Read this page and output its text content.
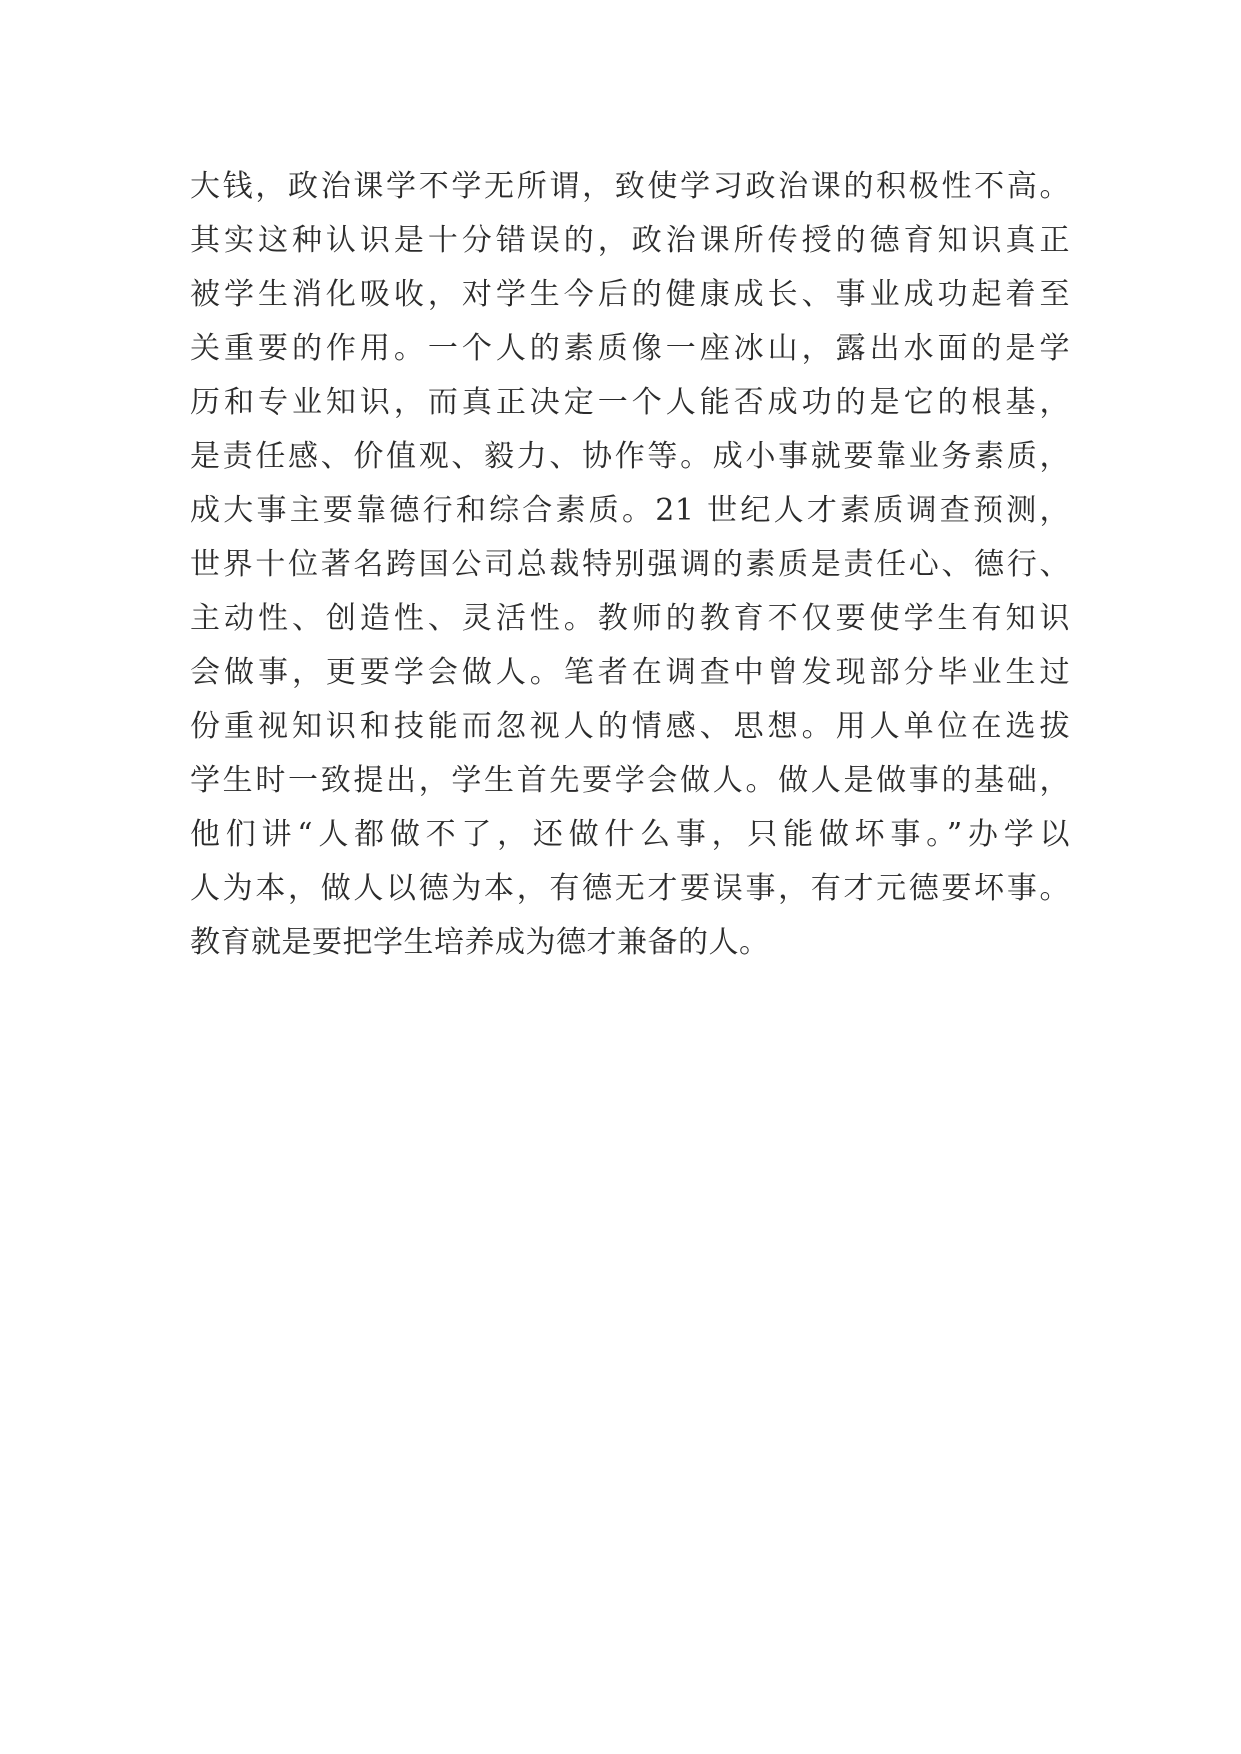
大钱，政治课学不学无所谓，致使学习政治课的积极性不高。
其实这种认识是十分错误的，政治课所传授的德育知识真正
被学生消化吸收，对学生今后的健康成长、事业成功起着至
关重要的作用。一个人的素质像一座冰山，露出水面的是学
历和专业知识，而真正决定一个人能否成功的是它的根基，
是责任感、价值观、毅力、协作等。成小事就要靠业务素质，
成大事主要靠德行和综合素质。21 世纪人才素质调查预测，
世界十位著名跨国公司总裁特别强调的素质是责任心、德行、
主动性、创造性、灵活性。教师的教育不仅要使学生有知识
会做事，更要学会做人。笔者在调查中曾发现部分毕业生过
份重视知识和技能而忽视人的情感、思想。用人单位在选拔
学生时一致提出，学生首先要学会做人。做人是做事的基础，
他们讲“人都做不了，还做什么事，只能做坏事。”办学以
人为本，做人以德为本，有德无才要误事，有才元德要坏事。
教育就是要把学生培养成为德才兼备的人。
